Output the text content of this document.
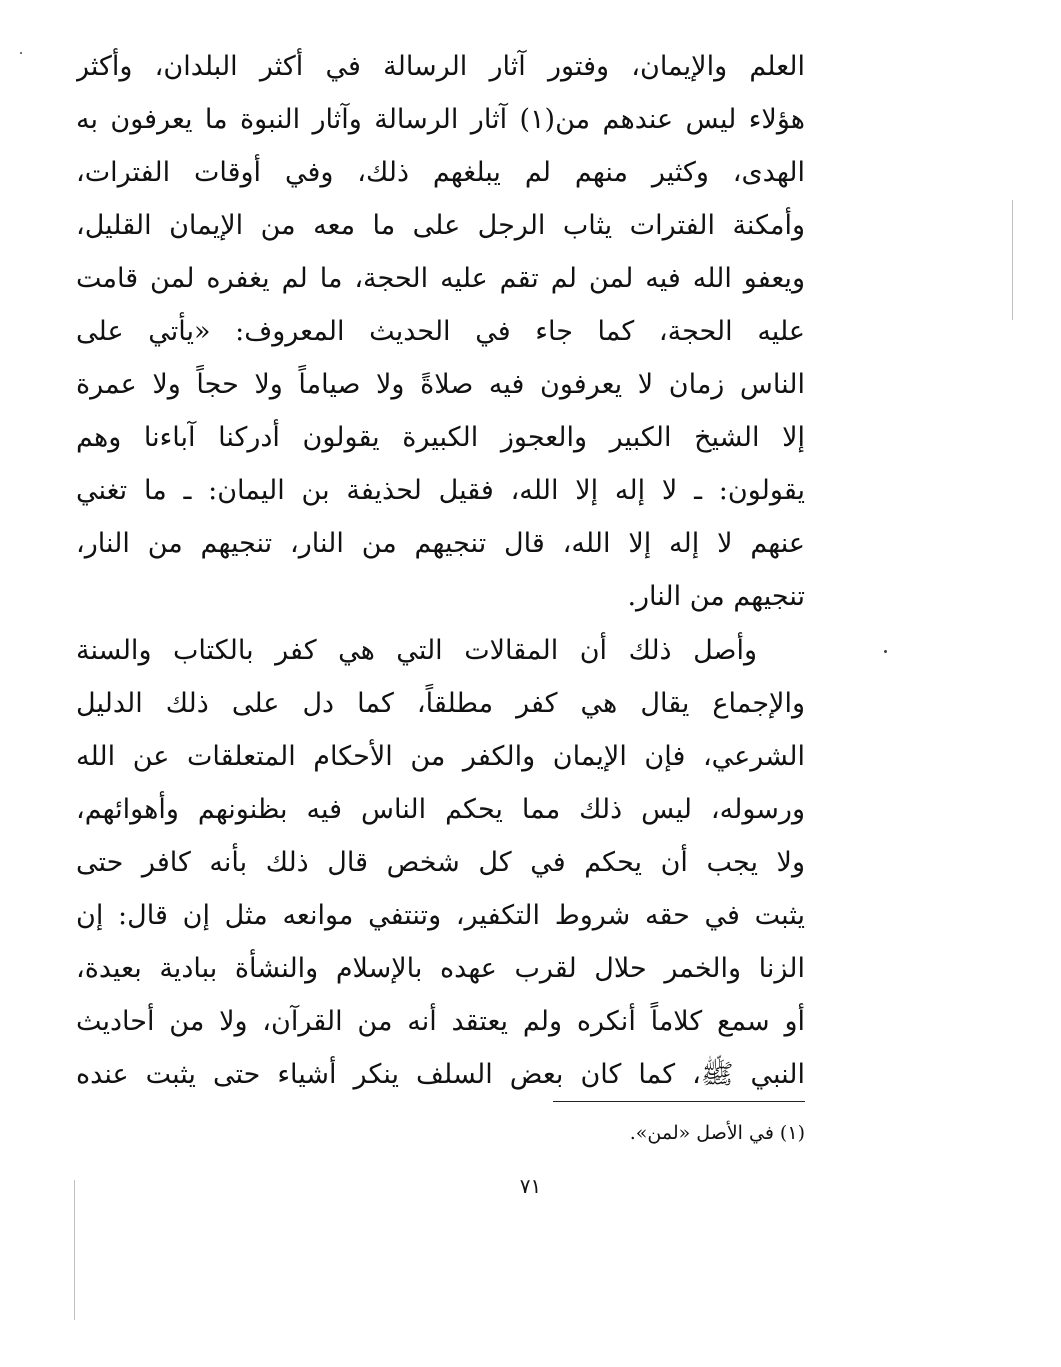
العلم والإيمان، وفتور آثار الرسالة في أكثر البلدان، وأكثر
هؤلاء ليس عندهم من(١) آثار الرسالة وآثار النبوة ما يعرفون به
الهدى، وكثير منهم لم يبلغهم ذلك، وفي أوقات الفترات،
وأمكنة الفترات يثاب الرجل على ما معه من الإيمان القليل،
ويعفو الله فيه لمن لم تقم عليه الحجة، ما لم يغفره لمن قامت
عليه الحجة، كما جاء في الحديث المعروف: «يأتي على
الناس زمان لا يعرفون فيه صلاةً ولا صياماً ولا حجاً ولا عمرة
إلا الشيخ الكبير والعجوز الكبيرة يقولون أدركنا آباءنا وهم
يقولون: ـ لا إله إلا الله، فقيل لحذيفة بن اليمان: ـ ما تغني
عنهم لا إله إلا الله، قال تنجيهم من النار، تنجيهم من النار،
تنجيهم من النار.
وأصل ذلك أن المقالات التي هي كفر بالكتاب والسنة
والإجماع يقال هي كفر مطلقاً، كما دل على ذلك الدليل
الشرعي، فإن الإيمان والكفر من الأحكام المتعلقات عن الله
ورسوله، ليس ذلك مما يحكم الناس فيه بظنونهم وأهوائهم،
ولا يجب أن يحكم في كل شخص قال ذلك بأنه كافر حتى
يثبت في حقه شروط التكفير، وتنتفي موانعه مثل إن قال: إن
الزنا والخمر حلال لقرب عهده بالإسلام والنشأة ببادية بعيدة،
أو سمع كلاماً أنكره ولم يعتقد أنه من القرآن، ولا من أحاديث
النبي ﷺ، كما كان بعض السلف ينكر أشياء حتى يثبت عنده
(١) في الأصل «لمن».
٧١
